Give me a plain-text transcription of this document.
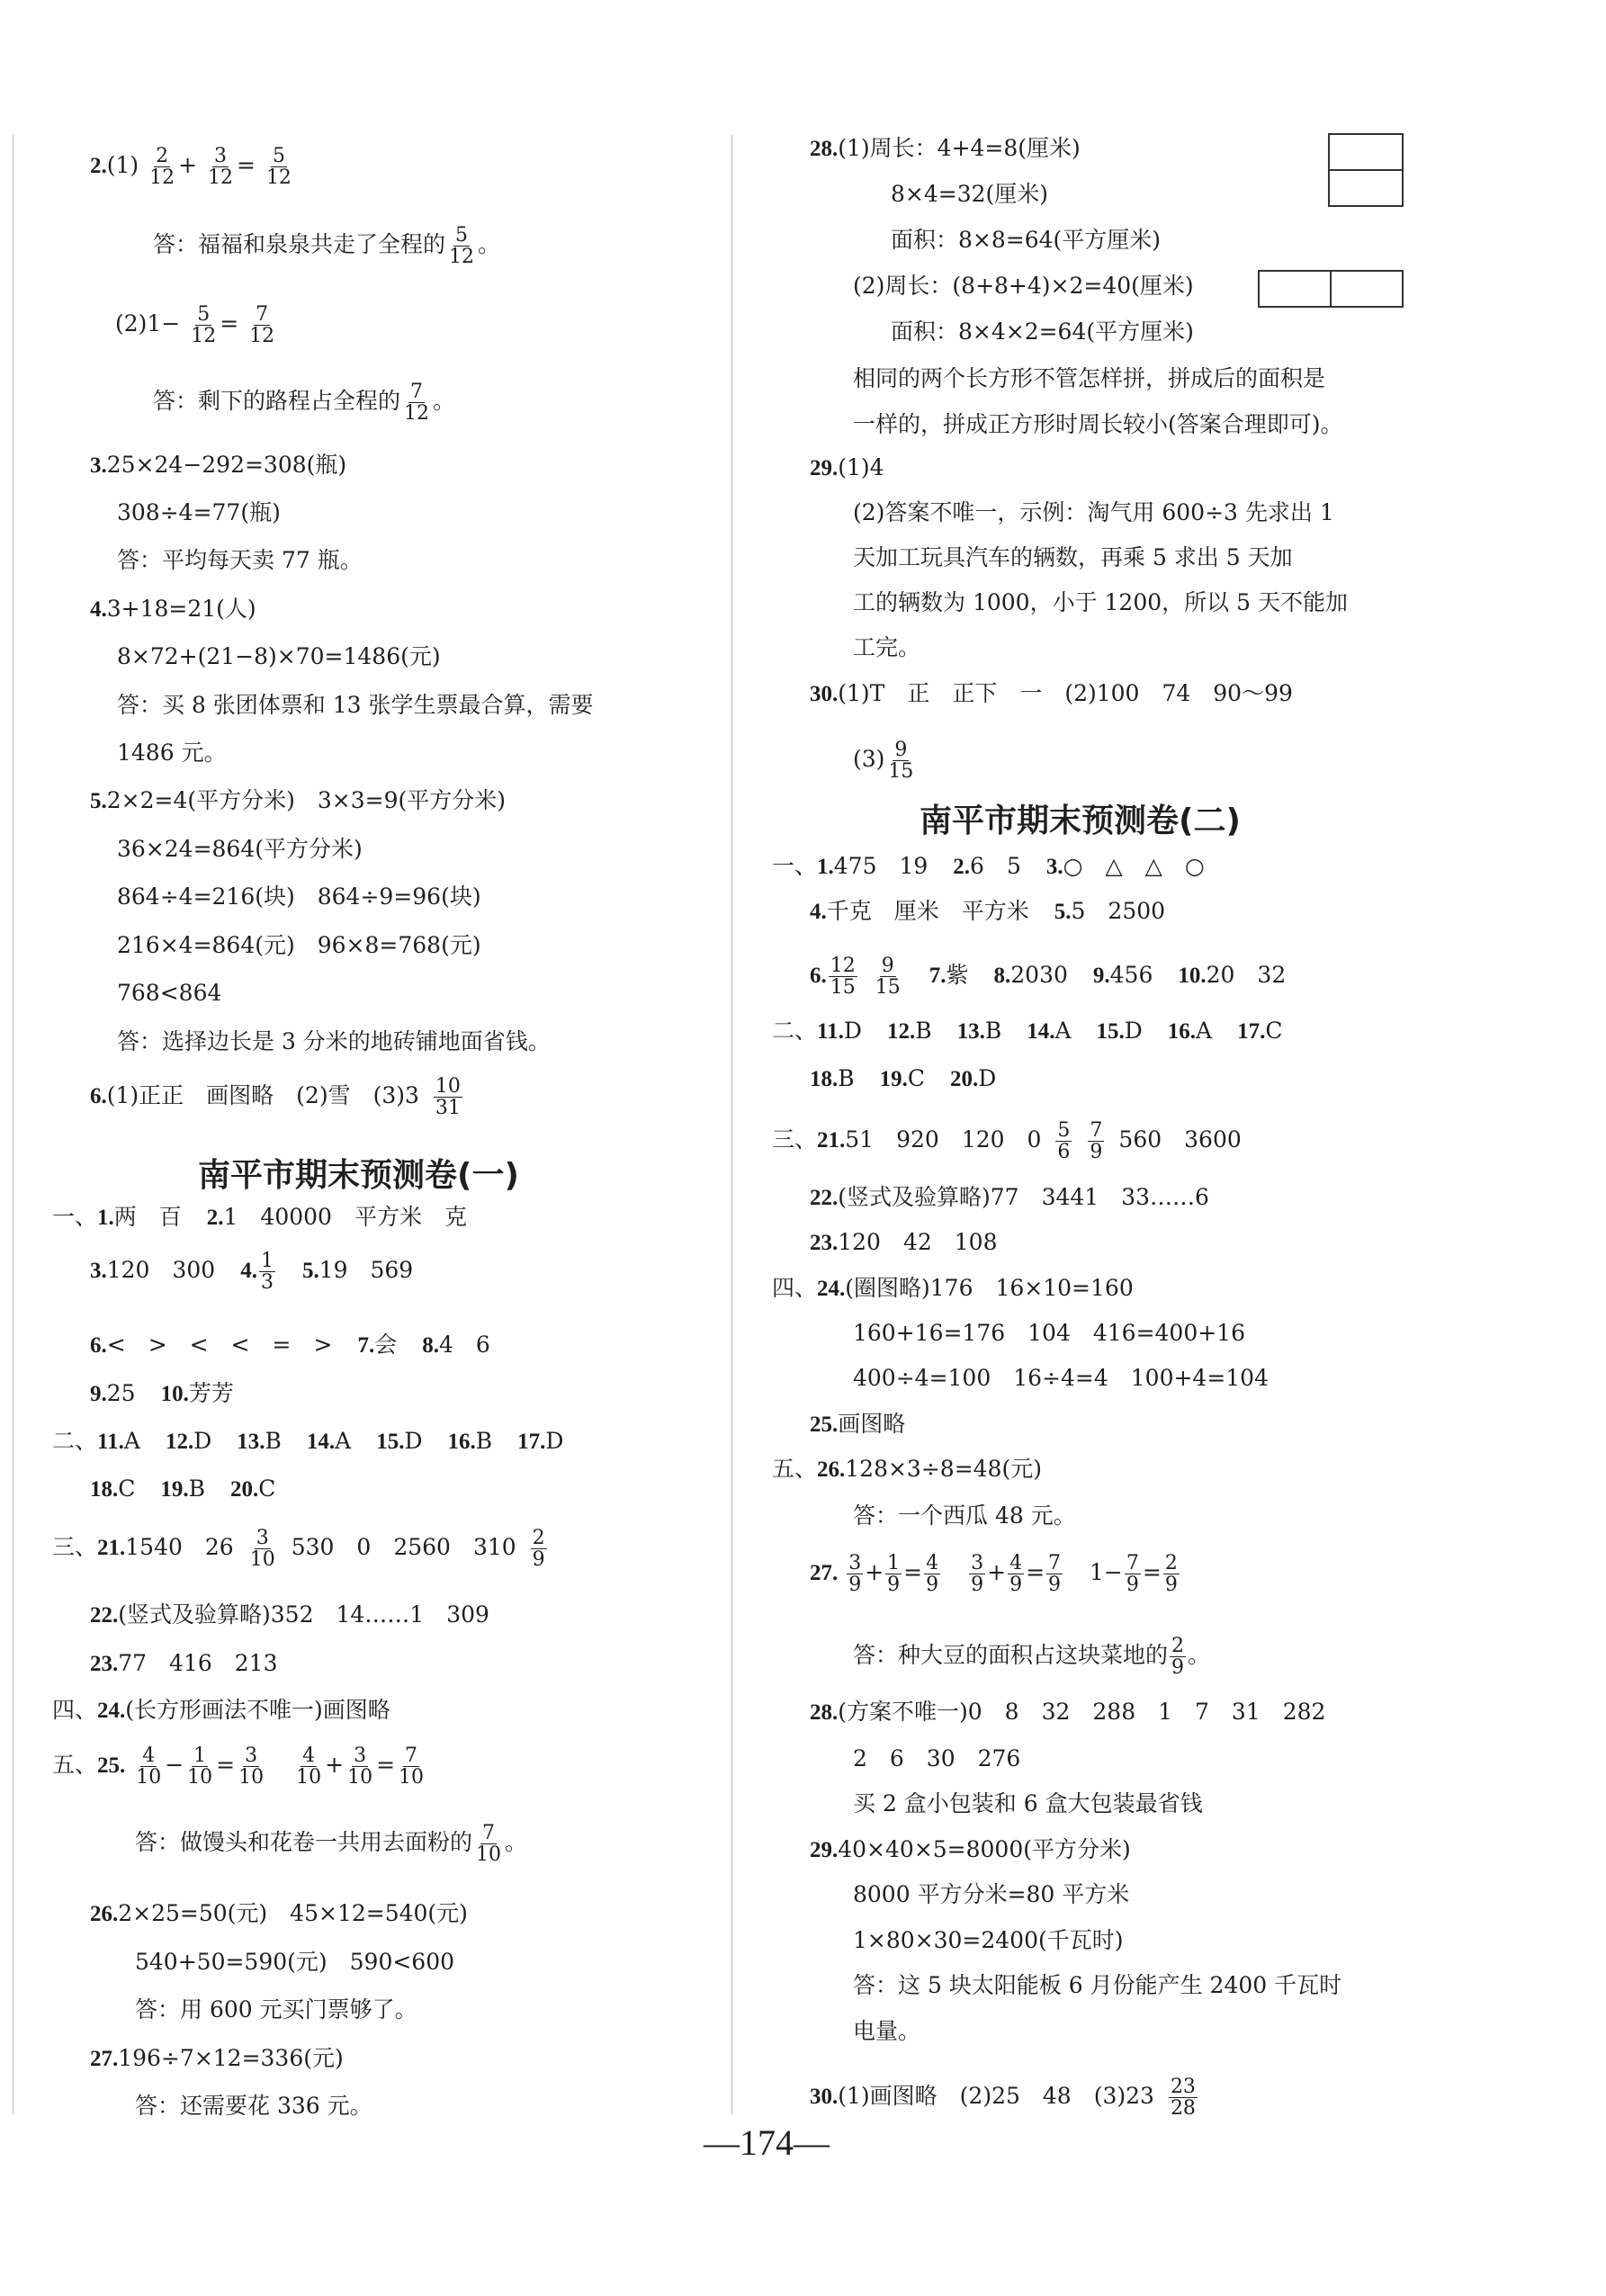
$2.(1) \frac{2}{12} + \frac{3}{12} = \frac{5}{12}$
答：福福和泉泉共走了全程的 $\frac{5}{12}$ 。
$(2)1- \frac{5}{12} = \frac{7}{12}$
答：剩下的路程占全程的 $\frac{7}{12}$ 。
3.25×24−292=308(瓶)
308÷4=77(瓶)
答：平均每天卖 77 瓶。
4.3+18=21(人)
8×72+(21−8)×70=1486(元)
答：买 8 张团体票和 13 张学生票最合算，需要
1486 元。
5.2×2=4(平方分米)　3×3=9(平方分米)
36×24=864(平方分米)
864÷4=216(块)　864÷9=96(块)
216×4=864(元)　96×8=768(元)
768<864
答：选择边长是 3 分米的地砖铺地面省钱。
6.(1)正正　画图略　(2)雪　$(3)3 \frac{10}{31}$
南平市期末预测卷(一)
一、1.两　百 2.1　40000　平方米　克
3.120　300 4. $\frac{1}{3} 5.19$　569
6.<　>　<　<　=　> 7.会 8.4　6
9.25 10.芳芳
二、11.A 12.D 13.B 14.A 15.D 16.B 17.D
18.C 19.B 20.C
三、21.1540　$26 \frac{3}{10} 530$　0　2560　$310 \frac{2}{9}$
22.(竖式及验算略)352　14……1　309
23.77　416　213
四、24.(长方形画法不唯一)画图略
五、25. $\frac{4}{10} - \frac{1}{10} = \frac{3}{10} \frac{4}{10} + \frac{3}{10} = \frac{7}{10}$
答：做馒头和花卷一共用去面粉的 $\frac{7}{10}$ 。
26.2×25=50(元)　45×12=540(元)
540+50=590(元)　590<600
答：用 600 元买门票够了。
27.196÷7×12=336(元)
答：还需要花 336 元。
28.(1)周长：4+4=8(厘米)
8×4=32(厘米)
面积：8×8=64(平方厘米)
(2)周长：(8+8+4)×2=40(厘米)
面积：8×4×2=64(平方厘米)
相同的两个长方形不管怎样拼，拼成后的面积是
一样的，拼成正方形时周长较小(答案合理即可)。
29.(1)4
(2)答案不唯一，示例：淘气用 600÷3 先求出 1
天加工玩具汽车的辆数，再乘 5 求出 5 天加
工的辆数为 1000，小于 1200，所以 5 天不能加
工完。
30.(1)T　正　正下　一　(2)100　74　90～99
$(3) \frac{9}{15}$
南平市期末预测卷(二)
一、1.475　19 2.6　5 3.○　△　△　○
4.千克　厘米　平方米 5.5　2500
6. $\frac{12}{15} \frac{9}{15} 7$.紫 8.2030 9.456 10.20　32
二、11.D 12.B 13.B 14.A 15.D 16.A 17.C
18.B 19.C 20.D
三、21.51　920　120　$0 \frac{5}{6} \frac{7}{9} 560$　3600
22.(竖式及验算略)77　3441　33……6
23.120　42　108
四、24.(圈图略)176　16×10=160
160+16=176　104　416=400+16
400÷4=100　16÷4=4　100+4=104
25.画图略
五、26.128×3÷8=48(元)
答：一个西瓜 48 元。
27. $\frac{3}{9} + \frac{1}{9} = \frac{4}{9} \frac{3}{9} + \frac{4}{9} = \frac{7}{9} 1- \frac{7}{9} = \frac{2}{9}$
答：种大豆的面积占这块菜地的 $\frac{2}{9}$ 。
28.(方案不唯一)0　8　32　288　1　7　31　282
2　6　30　276
买 2 盒小包装和 6 盒大包装最省钱
29.40×40×5=8000(平方分米)
8000 平方分米=80 平方米
1×80×30=2400(千瓦时)
答：这 5 块太阳能板 6 月份能产生 2400 千瓦时
电量。
30.(1)画图略　(2)25　48　$(3)23 \frac{23}{28}$
—174—
